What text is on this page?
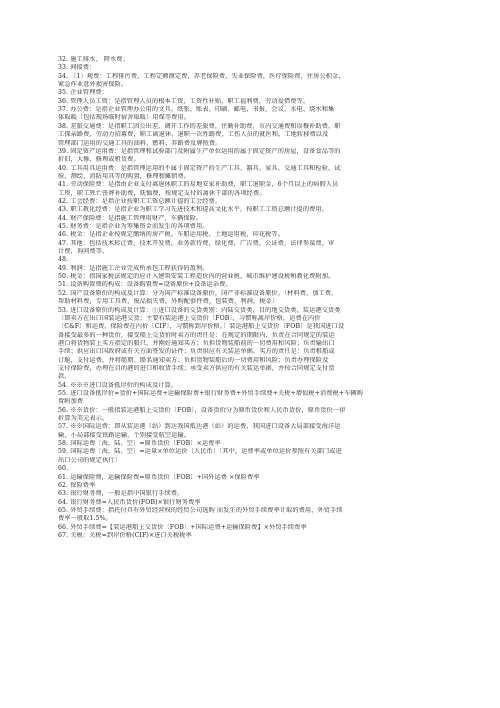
32. 施工排水、 降水费；
33. 间接费：
34. 〔1〕规费：工程排污费，工程定额测定费，养老保险费，失业保险费，医疗保险费，住房公积金，
紧急作业意外损害保险。
35. 企业管理费：
36. 管理人员工资：是指管理人员的根本工资，工资性补贴，职工福利费，劳动爱惜费等。
37. 办公费：是指企业管理办公用的文具、纸张、账表、印刷、邮电、书报、会议、水电、烧水和集
体取暖〔包括现场临时宿舍取暖〕用煤等费用。
38. 差旅交通费：是指职工因公出差、调开工作的差旅费，住勤补助费，市内交通费和误餐补助费，职
工探亲路费，劳动力招募费，职工离退休、退职一次性路费，工伤人员的就医和，工地转移费以及
管理部门运用的交通工具的油料、燃料、养路费及牌照费。
39. 固定资产运用费：是指管理和试验部门及附属生产单位运用的属于固定资产的房屋，设备食品等的
折旧，大修，修理或租赁费。
40. 工具用具运用费：是指管理运用的不属于固定资产的生产工具、器具、家具、交通工具和检验，试
验、测绘，消防用具等的购置，修理和摊销费。
41. 劳动保险费：是指由企业支付离退休职工的易地安家补助费，职工退职金，6个月以上的病假人员
工资，职工死亡丧葬补助费，抚恤费，按规定支付的离休干部的各项经费。
42. 工会经费：是指企业按职工工资总额计提的工会经费。
43. 职工教化经费：是指企业为职工学习先进技术和提高文化水平，按职工工资总额计提的费用。
44. 财产保险费：是指施工管理用财产、车辆保险。
45. 财务费：是指企业为筹集资金而发生的各项费用。
46. 税金：是指企业按规定缴纳的房产税、车船运用税、土地运用税、印花税等。
47. 其他：包括技术转让费，技术开发费，业务款待费，绿化费，广告费，公证费，法律参谋费，审
计费，询问费等。
48.
49. 利润：是指施工企业完成所承包工程获得的盈利。
50. 税金：指国家税法规定的应计入建筑安装工程造价内的营业税，城市维护建设税和教化费附加。
51. 设备购置费的构成：设备购置费=设备原价+设备运杂费。
52. 国产设备原价的构成及计算：分为国产标准设备原价，国产非标准设备原价。〔材料费，加工费，
帮助材料费，专用工具费，废品损失费，外购配套件费，包装费，利润，税金〕
53. 进口设备原价的构成及计算：①进口设备的交货类别：内陆交货类，目的地交货类，装运港交货类
〔即卖方在出口国装运港交货；主要有装运港上交货价〔FOB〕，习惯称离岸价格，运费在内价
〔C&F〕和运费，保险费在内价〔CIF〕，习惯称到岸价格。〕装运港船上交货价〔FOB〕是我国进口设
备接受最多的一种货价，接受船上交货价时卖方的责任是：在规定的期限内，负责在合同规定的装运
港口将货物装上买方指定的船只，并刚好通知买方；负担货物装船前的一切费用和风险；负责输出口
手续；供应出口国政府或有关方面签发的证件；负责供应有关装运单据。买方的责任是：负责租船或
订舱，支付运费，并将船期、船名通知卖方；负担货物装船后的一切费用和风险；负责办理保险及
支付保险费，办理在目的港的进口和收货手续；承受卖方供应的有关装运单据，并按合同规定支付货
款。
54. ※※※进口设备抵岸价的构成及计算。
55. 进口设备抵岸价=货价+国际运费+运输保险费+银行财务费+外贸手续费+关税+增值税+消费税+车辆购
置附加费
56. ※※货价：一般指装运港船上交货价〔FOB〕，设备货价分为原币货价和人民币货价，原币货价一律
折算为美元表示。
57. ※※国际运费：即从装运港（站）到达我国抵达港（站）的运费，我国进口设备大局部接受海洋运
输，小局部接受铁路运输，个别接受航空运输。
58. 国际运费〔海、陆、空〕=原币货价〔FOB〕×运费率
59. 国际运费〔海、陆、空〕=运量×单位运价〔人民币〕〔其中，运费率或单位运价参照有关部门或进
出口公司的规定执行〕
60.
61. 运输保险费，运输保险费=原币货价〔FOB〕+国外运费 ×保险费率
62. 保险费率
63. 银行财务费，一般是指中国银行手续费。
64. 银行财务费=人民币货价(FOB)×银行财务费率
65. 外贸手续费：指托付具有外贸经营权的经贸公司选购 而发生的外贸手续费率计取的费用，外贸手续
费率一般取1.5%。
66. 外贸手续费=【装运港船上交货价〔FOB〕+国际运费+运输保险费】×外贸手续费率
67. 关税：关税=到岸价格(CIF)×进口关税税率
